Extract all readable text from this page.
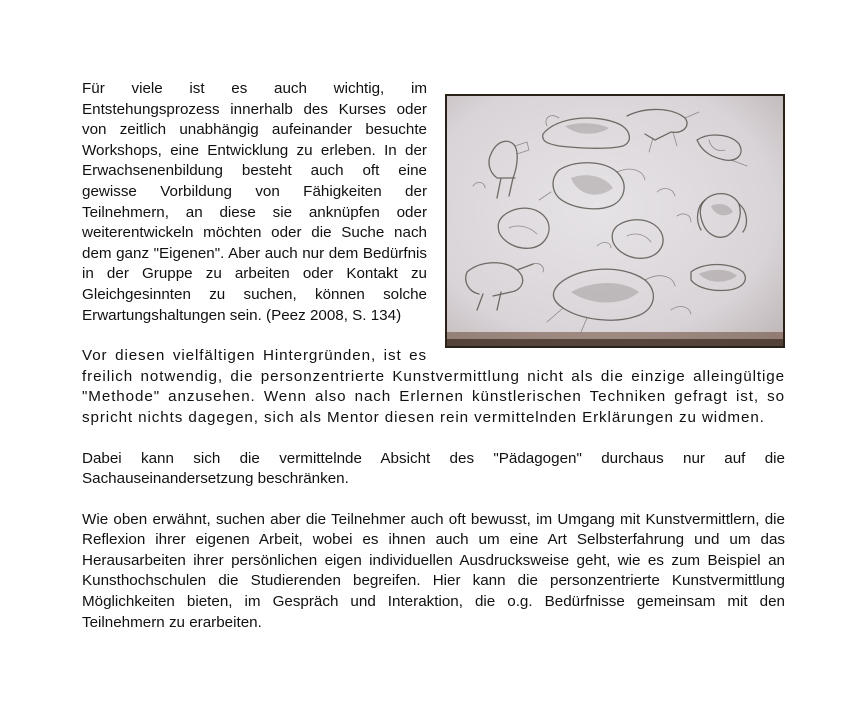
Für viele ist es auch wichtig, im Entstehungsprozess innerhalb des Kurses oder von zeitlich unabhängig aufeinander besuchte Workshops, eine Entwicklung zu erleben. In der Erwachsenenbildung besteht auch oft eine gewisse Vorbildung von Fähigkeiten der Teilnehmern, an diese sie anknüpfen oder weiterentwickeln möchten oder die Suche nach dem ganz "Eigenen". Aber auch nur dem Bedürfnis in der Gruppe zu arbeiten oder Kontakt zu Gleichgesinnten zu suchen, können solche Erwartungshaltungen sein. (Peez 2008, S. 134)

Vor diesen vielfältigen Hintergründen, ist es freilich notwendig, die personzentrierte Kunstvermittlung nicht als die einzige alleingültige "Methode" anzusehen. Wenn also nach Erlernen künstlerischen Techniken gefragt ist, so spricht nichts dagegen, sich als Mentor diesen rein vermittelnden Erklärungen zu widmen.

Dabei kann sich die vermittelnde Absicht des "Pädagogen" durchaus nur auf die Sachauseinandersetzung beschränken.

Wie oben erwähnt, suchen aber die Teilnehmer auch oft bewusst, im Umgang mit Kunstvermittlern, die Reflexion ihrer eigenen Arbeit, wobei es ihnen auch um eine Art Selbsterfahrung und um das Herausarbeiten ihrer persönlichen eigen individuellen Ausdrucksweise geht, wie es zum Beispiel an Kunsthochschulen die Studierenden begreifen. Hier kann die personzentrierte Kunstvermittlung Möglichkeiten bieten, im Gespräch und Interaktion, die o.g. Bedürfnisse gemeinsam mit den Teilnehmern zu erarbeiten.
